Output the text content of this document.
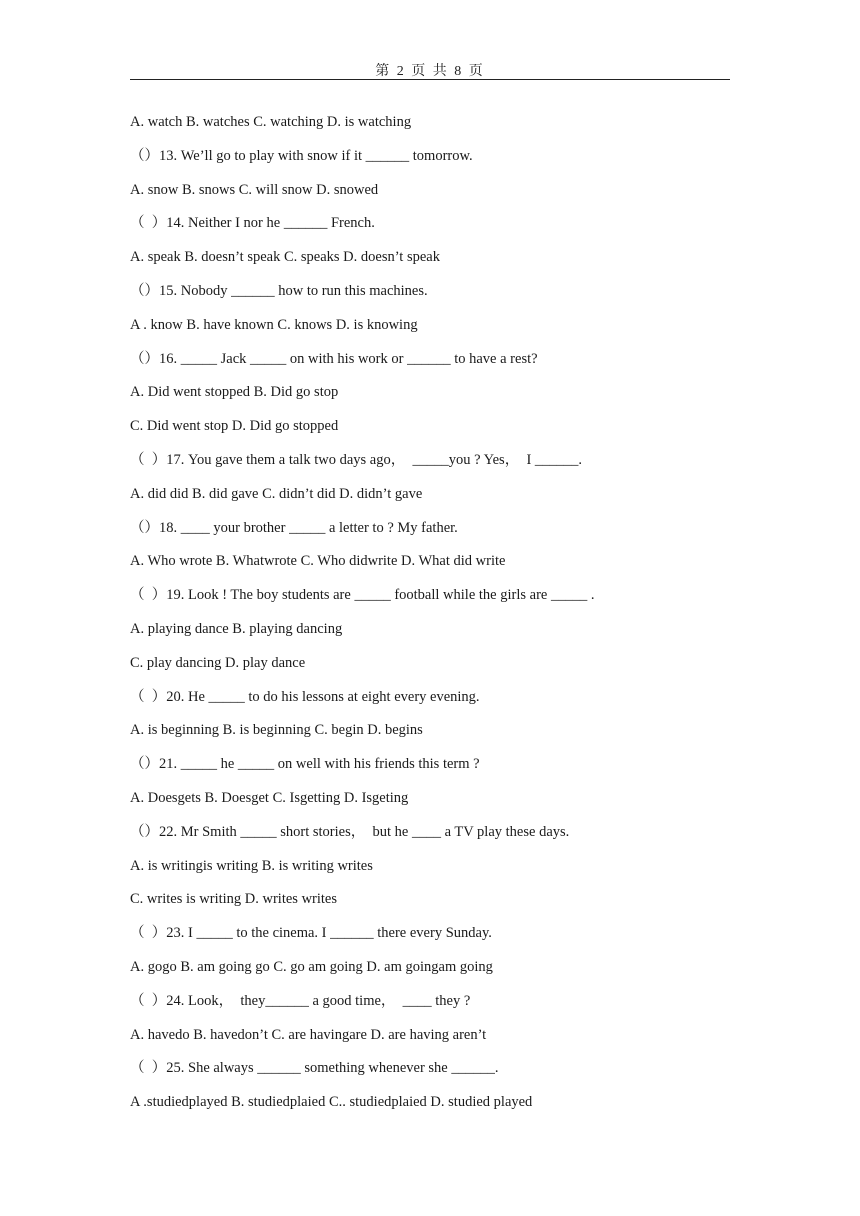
第 2 页 共 8 页
A. watch B. watches C. watching D. is watching
（）13. We’ll go to play with snow if it ______ tomorrow.
A. snow B. snows C. will snow D. snowed
（  ）14. Neither I nor he ______ French.
A. speak B. doesn’t speak C. speaks D. doesn’t speak
（）15. Nobody ______ how to run this machines.
A . know B. have known C. knows D. is knowing
（）16. _____ Jack _____ on with his work or ______ to have a rest?
A. Did went stopped B. Did go stop
C. Did went stop D. Did go stopped
（  ）17. You gave them a talk two days ago，  _____you ? Yes，  I ______.
A. did did B. did gave C. didn’t did D. didn’t gave
（）18. ____ your brother _____ a letter to ? My father.
A. Who wrote B. Whatwrote C. Who didwrite D. What did write
（  ）19. Look ! The boy students are _____ football while the girls are _____ .
A. playing dance B. playing dancing
C. play dancing D. play dance
（  ）20. He _____ to do his lessons at eight every evening.
A. is beginning B. is beginning C. begin D. begins
（）21. _____ he _____ on well with his friends this term ?
A. Doesgets B. Doesget C. Isgetting D. Isgeting
（）22. Mr Smith _____ short stories，  but he ____ a TV play these days.
A. is writingis writing B. is writing writes
C. writes is writing D. writes writes
（  ）23. I _____ to the cinema. I ______ there every Sunday.
A. gogo B. am going go C. go am going D. am goingam going
（  ）24. Look，  they______ a good time，  ____ they ?
A. havedo B. havedon’t C. are havingare D. are having aren’t
（  ）25. She always ______ something whenever she ______.
A .studiedplayed B. studiedplaied C.. studiedplaied D. studied played
